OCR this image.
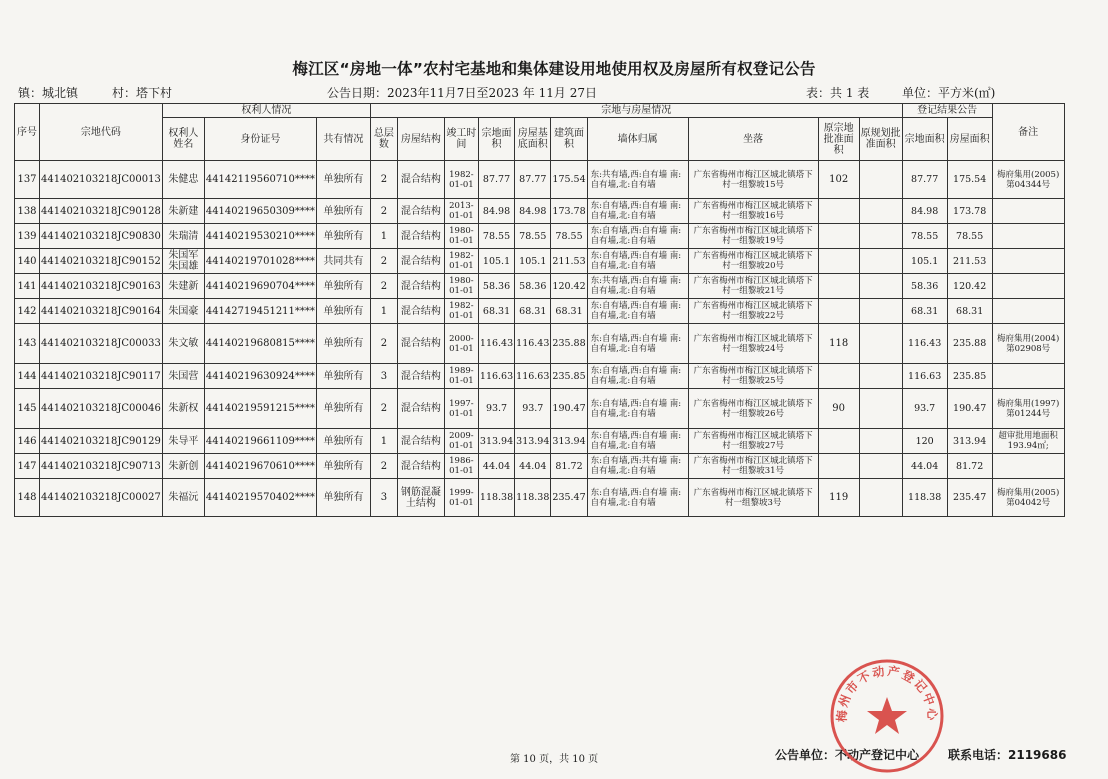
梅江区“房地一体”农村宅基地和集体建设用地使用权及房屋所有权登记公告
镇：城北镇	村：塔下村	公告日期：2023年11月7日至2023 年 11月 27日	表：共 1 表	单位：平方米(㎡)
序号	宗地代码	权利人情况			宗地与房屋情况										登记结果公告		备注
		权利人姓名	身份证号	共有情况	总层数	房屋结构	竣工时间	宗地面积	房屋基底面积	建筑面积	墙体归属	坐落	原宗地批准面积	原规划批准面积	宗地面积	房屋面积	
137	441402103218JC00013	朱健忠	44142119560710****	单独所有	2	混合结构	1982-01-01	87.77	87.77	175.54	东:共有墙,西:自有墙 南:自有墙,北:自有墙	广东省梅州市梅江区城北镇塔下村一组黎坡15号	102		87.77	175.54	梅府集用(2005)第04344号
138	441402103218JC90128	朱新建	44140219650309****	单独所有	2	混合结构	2013-01-01	84.98	84.98	173.78	东:自有墙,西:自有墙 南:自有墙,北:自有墙	广东省梅州市梅江区城北镇塔下村一组黎坡16号			84.98	173.78	
139	441402103218JC90830	朱瑞清	44140219530210****	单独所有	1	混合结构	1980-01-01	78.55	78.55	78.55	东:自有墙,西:自有墙 南:自有墙,北:自有墙	广东省梅州市梅江区城北镇塔下村一组黎坡19号			78.55	78.55	
140	441402103218JC90152	朱国军 朱国雄	44140219701028****	共同共有	2	混合结构	1982-01-01	105.1	105.1	211.53	东:自有墙,西:自有墙 南:自有墙,北:自有墙	广东省梅州市梅江区城北镇塔下村一组黎坡20号			105.1	211.53	
141	441402103218JC90163	朱建新	44140219690704****	单独所有	2	混合结构	1980-01-01	58.36	58.36	120.42	东:共有墙,西:自有墙 南:自有墙,北:自有墙	广东省梅州市梅江区城北镇塔下村一组黎坡21号			58.36	120.42	
142	441402103218JC90164	朱国豪	44142719451211****	单独所有	1	混合结构	1982-01-01	68.31	68.31	68.31	东:自有墙,西:自有墙 南:自有墙,北:自有墙	广东省梅州市梅江区城北镇塔下村一组黎坡22号			68.31	68.31	
143	441402103218JC00033	朱文敏	44140219680815****	单独所有	2	混合结构	2000-01-01	116.43	116.43	235.88	东:自有墙,西:自有墙 南:自有墙,北:自有墙	广东省梅州市梅江区城北镇塔下村一组黎坡24号	118		116.43	235.88	梅府集用(2004)第02908号
144	441402103218JC90117	朱国营	44140219630924****	单独所有	3	混合结构	1989-01-01	116.63	116.63	235.85	东:自有墙,西:自有墙 南:自有墙,北:自有墙	广东省梅州市梅江区城北镇塔下村一组黎坡25号			116.63	235.85	
145	441402103218JC00046	朱新权	44140219591215****	单独所有	2	混合结构	1997-01-01	93.7	93.7	190.47	东:自有墙,西:自有墙 南:自有墙,北:自有墙	广东省梅州市梅江区城北镇塔下村一组黎坡26号	90		93.7	190.47	梅府集用(1997)第01244号
146	441402103218JC90129	朱导平	44140219661109****	单独所有	1	混合结构	2009-01-01	313.94	313.94	313.94	东:自有墙,西:自有墙 南:自有墙,北:自有墙	广东省梅州市梅江区城北镇塔下村一组黎坡27号			120	313.94	超审批用地面积193.94㎡;
147	441402103218JC90713	朱新创	44140219670610****	单独所有	2	混合结构	1986-01-01	44.04	44.04	81.72	东:自有墙,西:共有墙 南:自有墙,北:自有墙	广东省梅州市梅江区城北镇塔下村一组黎坡31号			44.04	81.72	
148	441402103218JC00027	朱福沅	44140219570402****	单独所有	3	钢筋混凝土结构	1999-01-01	118.38	118.38	235.47	东:自有墙,西:自有墙 南:自有墙,北:自有墙	广东省梅州市梅江区城北镇塔下村一组黎坡3号	119		118.38	235.47	梅府集用(2005)第04042号
第 10 页，共 10 页	公告单位：不动产登记中心 联系电话：2119686
梅州市不动产登记中心
